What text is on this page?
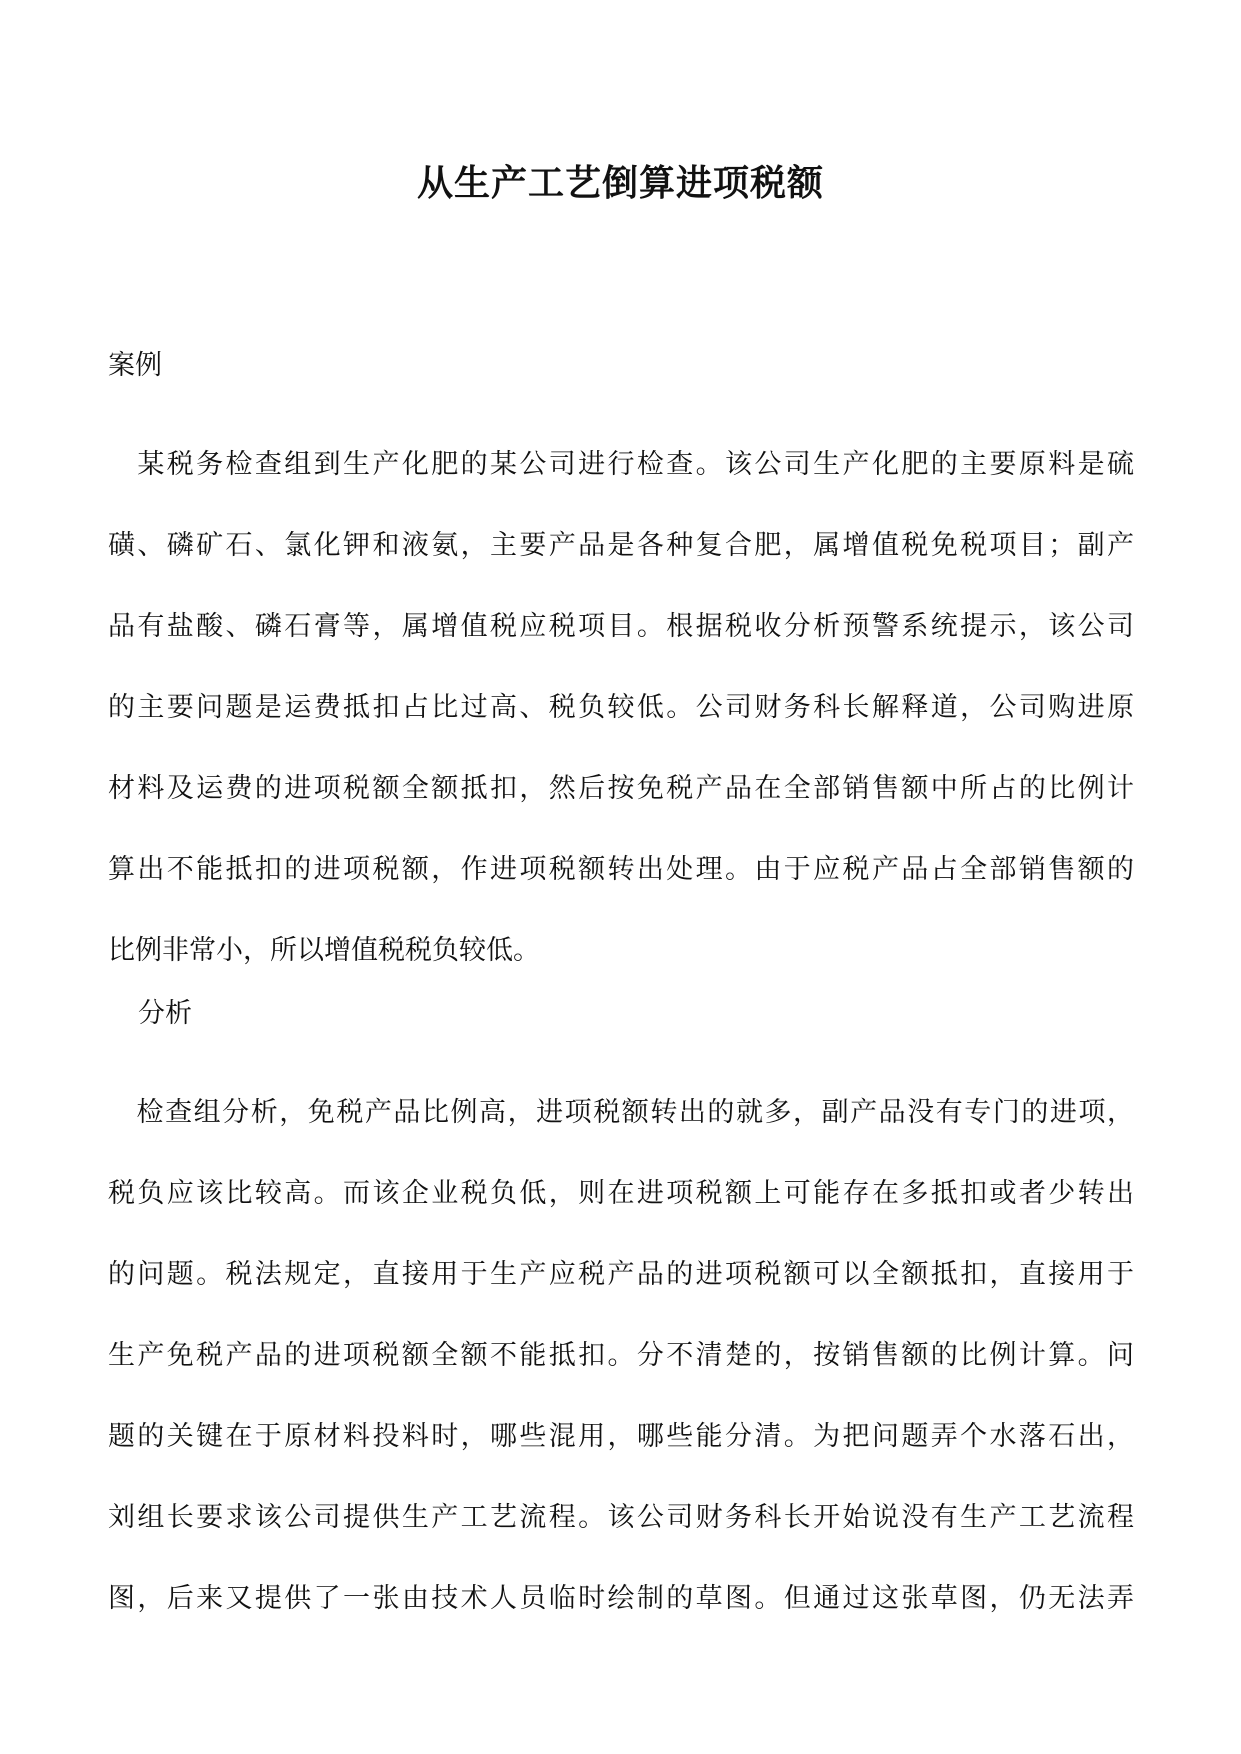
从生产工艺倒算进项税额

案例

　某税务检查组到生产化肥的某公司进行检查。该公司生产化肥的主要原料是硫
磺、磷矿石、氯化钾和液氨，主要产品是各种复合肥，属增值税免税项目；副产
品有盐酸、磷石膏等，属增值税应税项目。根据税收分析预警系统提示，该公司
的主要问题是运费抵扣占比过高、税负较低。公司财务科长解释道，公司购进原
材料及运费的进项税额全额抵扣，然后按免税产品在全部销售额中所占的比例计
算出不能抵扣的进项税额，作进项税额转出处理。由于应税产品占全部销售额的
比例非常小，所以增值税税负较低。

分析

　检查组分析，免税产品比例高，进项税额转出的就多，副产品没有专门的进项，
税负应该比较高。而该企业税负低，则在进项税额上可能存在多抵扣或者少转出
的问题。税法规定，直接用于生产应税产品的进项税额可以全额抵扣，直接用于
生产免税产品的进项税额全额不能抵扣。分不清楚的，按销售额的比例计算。问
题的关键在于原材料投料时，哪些混用，哪些能分清。为把问题弄个水落石出，
刘组长要求该公司提供生产工艺流程。该公司财务科长开始说没有生产工艺流程
图，后来又提供了一张由技术人员临时绘制的草图。但通过这张草图，仍无法弄
